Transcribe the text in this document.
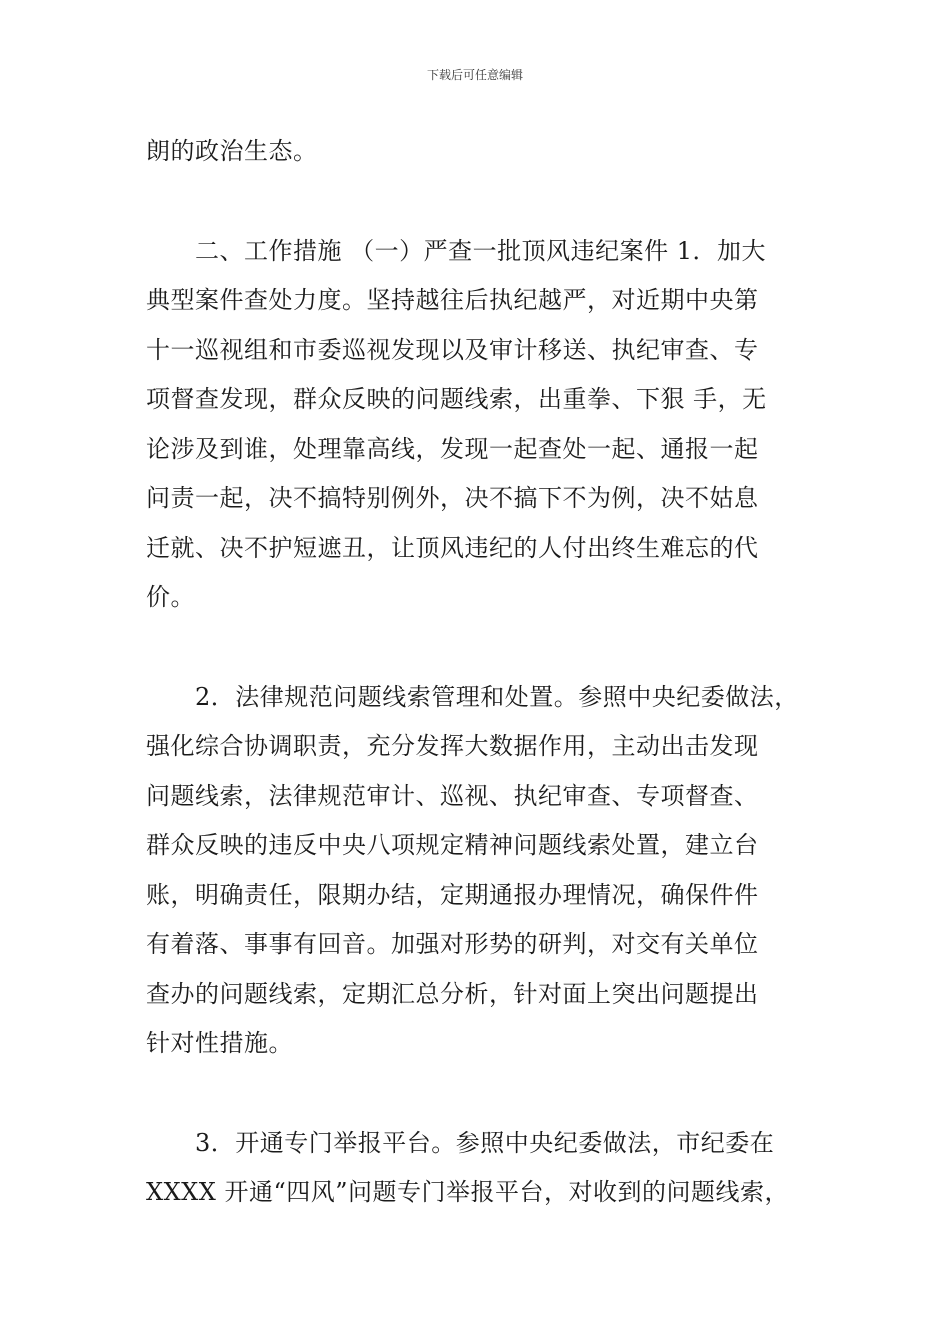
下载后可任意编辑
朗的政治生态。
　　二、工作措施 （一）严查一批顶风违纪案件 1．加大
典型案件查处力度。坚持越往后执纪越严，对近期中央第
十一巡视组和市委巡视发现以及审计移送、执纪审查、专
项督查发现，群众反映的问题线索，出重拳、下狠 手，无
论涉及到谁，处理靠高线，发现一起查处一起、通报一起
问责一起，决不搞特别例外，决不搞下不为例，决不姑息
迁就、决不护短遮丑，让顶风违纪的人付出终生难忘的代
价。
　　2．法律规范问题线索管理和处置。参照中央纪委做法，
强化综合协调职责，充分发挥大数据作用，主动出击发现
问题线索，法律规范审计、巡视、执纪审查、专项督查、
群众反映的违反中央八项规定精神问题线索处置，建立台
账，明确责任，限期办结，定期通报办理情况，确保件件
有着落、事事有回音。加强对形势的研判，对交有关单位
查办的问题线索，定期汇总分析，针对面上突出问题提出
针对性措施。
　　3．开通专门举报平台。参照中央纪委做法，市纪委在
XXXX 开通“四风”问题专门举报平台，对收到的问题线索，
